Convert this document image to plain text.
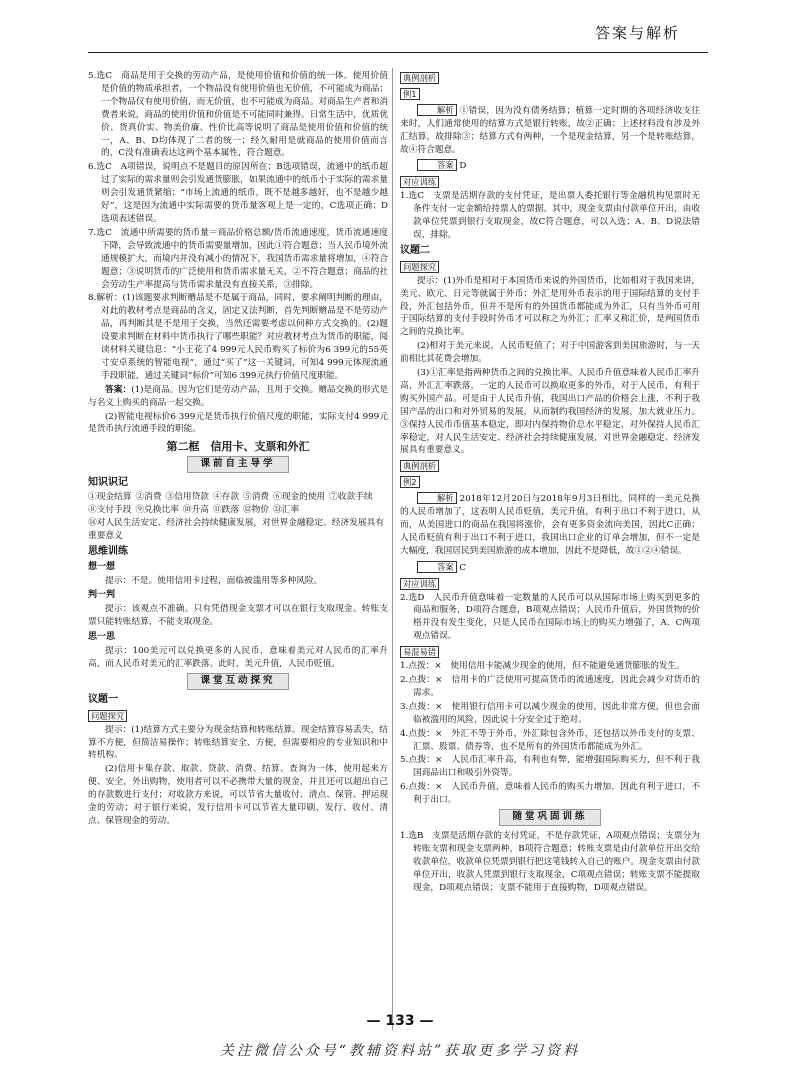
答案与解析

5.选C　商品是用于交换的劳动产品，是使用价值和价值的统一体。使用价值是价值的物质承担者，一个物品没有使用价值也无价值，不可能成为商品；一个物品仅有使用价值，而无价值，也不可能成为商品。对商品生产者和消费者来说，商品的使用价值和价值是不可能同时兼得。日常生活中，优质优价、货真价实、物美价廉、性价比高等说明了商品是使用价值和价值的统一，A、B、D均体现了二者的统一；经久耐用是就商品的使用价值而言的，C没有准确表达这两个基本属性，符合题意。

6.选C　A项错误，说明点不是题目的原因所在；B选项错误，流通中的纸币超过了实际的需求量则会引发通货膨胀，如果流通中的纸币小于实际的需求量则会引发通货紧缩；“市场上流通的纸币，既不是越多越好，也不是越少越好”，这是因为流通中实际需要的货币量客观上是一定的，C选项正确；D选项表述错误。

7.选C　流通中所需要的货币量＝商品价格总额/货币流通速度，货币流通速度下降，会导致流通中的货币需要量增加，因此①符合题意；当人民币境外流通规模扩大，而境内并没有减小的情况下，我国货币需求量将增加，④符合题意；③说明货币的广泛使用和货币需求量无关，②不符合题意；商品的社会劳动生产率提高与货币需求量没有直接关系，③排除。

8.解析：(1)该题要求判断赠品是不是属于商品，同时，要求阐明判断的理由，对此的教材考点是商品的含义，固定又法判断，首先判断赠品是不是劳动产品，再判断其是不是用于交换，当然还需要考虑以何种方式交换的。(2)题设要求判断在材料中货币执行了哪些职能？对应教材考点为货币的职能，阅读材料关键信息：“小王花了4 999元人民币购买了标价为6 399元的55英寸安卓系统的智能电视”，通过“买了”这一关键词，可知4 999元体现流通手段职能，通过关键词“标价”可知6 399元执行价值尺度职能。

答案：(1)是商品。因为它们是劳动产品，且用于交换。赠品交换的形式是与名义上购买的商品一起交换。

(2)智能电视标价6 399元是货币执行价值尺度的职能，实际支付4 999元是货币执行流通手段的职能。

第二框　信用卡、支票和外汇
课前自主导学
知识识记
①现金结算 ②消费 ③信用贷款 ④存款 ⑤消费 ⑥现金的使用 ⑦收款手续
⑧支付手段 ⑨兑换比率 ⑩升高 ⑪跌落 ⑫物价 ⑬汇率
⑭对人民生活安定、经济社会持续健康发展，对世界金融稳定、经济发展具有重要意义
思维训练
想一想

提示：不是。使用信用卡过程，面临被滥用等多种风险。

判一判

提示：该观点不准确。只有凭借现金支票才可以在银行支取现金。转账支票只能转账结算，不能支取现金。

思一思

提示：100美元可以兑换更多的人民币，意味着美元对人民币的汇率升高，而人民币对美元的汇率跌落。此时，美元升值，人民币贬值。

课堂互动探究
议题一
问题探究

提示：(1)结算方式主要分为现金结算和转账结算。现金结算容易丢失，结算不方便，但简洁易操作；转账结算安全、方便，但需要相应的专业知识和中转机构。

(2)信用卡集存款、取款、贷款、消费、结算、查询为一体，使用起来方便、安全，外出购物，使用者可以不必携带大量的现金，并且还可以超出自己的存款数进行支付；对收款方来说，可以节省大量收付、清点、保管、押运现金的劳动；对于银行来说，发行信用卡可以节省大量印刷、发行、收付、清点、保管现金的劳动。

典例剖析
例1

解析 ①错误，因为没有债务结算；植算一定时期的各项经济收支往来时，人们通常使用的结算方式是银行转账，故②正确；上述材料没有涉及外汇结算，故排除③；结算方式有两种，一个是现金结算，另一个是转账结算，故④符合题意。

答案 D

对应训练

1.选C　支票是活期存款的支付凭证，是出票人委托银行等金融机构见票时无条件支付一定金额给持票人的票据。其中，现金支票由付款单位开出，由收款单位凭票到银行支取现金，故C符合题意，可以入选；A、B、D说法错误，排除。

议题二
问题探究

提示：(1)外币是相对于本国货币来说的外国货币，比如相对于我国来讲，美元、欧元、日元等就属于外币；外汇是用外币表示的用于国际结算的支付手段，外汇包括外币，但并不是所有的外国货币都能成为外汇，只有当外币可用于国际结算的支付手段时外币才可以称之为外汇；汇率又称汇价，是两国货币之间的兑换比率。

(2)相对于美元来说，人民币贬值了；对于中国游客到美国旅游时，与一天前相比其花费会增加。

(3)①汇率是指两种货币之间的兑换比率。人民币升值意味着人民币汇率升高，外汇汇率跌落，一定的人民币可以换取更多的外币，对于人民币，有利于购买外国产品。可是由于人民币升值，我国出口产品的价格会上涨，不利于我国产品的出口和对外贸易的发展，从而制约我国经济的发展，加大就业压力。③保持人民币币值基本稳定，即对内保持物价总水平稳定，对外保持人民币汇率稳定，对人民生活安定、经济社会持续健康发展，对世界金融稳定、经济发展具有重要意义。

典例剖析
例2

解析 2018年12月20日与2018年9月3日相比，同样的一美元兑换的人民币增加了，这表明人民币贬值，美元升值，有利于出口不利于进口，从而，从美国进口的商品在我国将涨价，会有更多资金流向美国，因此C正确；人民币贬值有利于出口不利于进口，我国出口企业的订单会增加，但不一定是大幅度，我国居民到美国旅游的成本增加，因此不是降低，故①②④错误。

答案 C

对应训练

2.选D　人民币升值意味着一定数量的人民币可以从国际市场上购买到更多的商品和服务，D项符合题意，B项观点错误；人民币升值后，外国货物的价格并没有发生变化，只是人民币在国际市场上的购买力增强了，A、C两项观点错误。

易混易错

1.点拨：×　使用信用卡能减少现金的使用，但不能避免通货膨胀的发生。

2.点拨：×　信用卡的广泛使用可提高货币的流通速度，因此会减少对货币的需求。

3.点拨：×　使用银行信用卡可以减少现金的使用，因此非常方便，但也会面临被滥用的风险，因此说十分安全过于绝对。

4.点拨：×　外汇不等于外币，外汇除包含外币，还包括以外币支付的支票、汇票、股票、债券等，也不是所有的外国货币都能成为外汇。

5.点拨：×　人民币汇率升高，有利也有弊，能增强国际购买力，但不利于我国商品出口和吸引外资等。

6.点拨：×　人民币升值，意味着人民币的购买力增加，因此有利于进口，不利于出口。

随堂巩固训练

1.选B　支票是活期存款的支付凭证，不是存款凭证，A项观点错误；支票分为转账支票和现金支票两种，B项符合题意；转账支票是由付款单位开出交给收款单位，收款单位凭票到银行把这笔钱转入自己的账户。现金支票由付款单位开出，收款人凭票到银行支取现金，C项观点错误；转账支票不能提取现金，D项观点错误；支票不能用于直接购物，D项观点错误。

— 133 —
关注微信公众号“教辅资料站”获取更多学习资料
